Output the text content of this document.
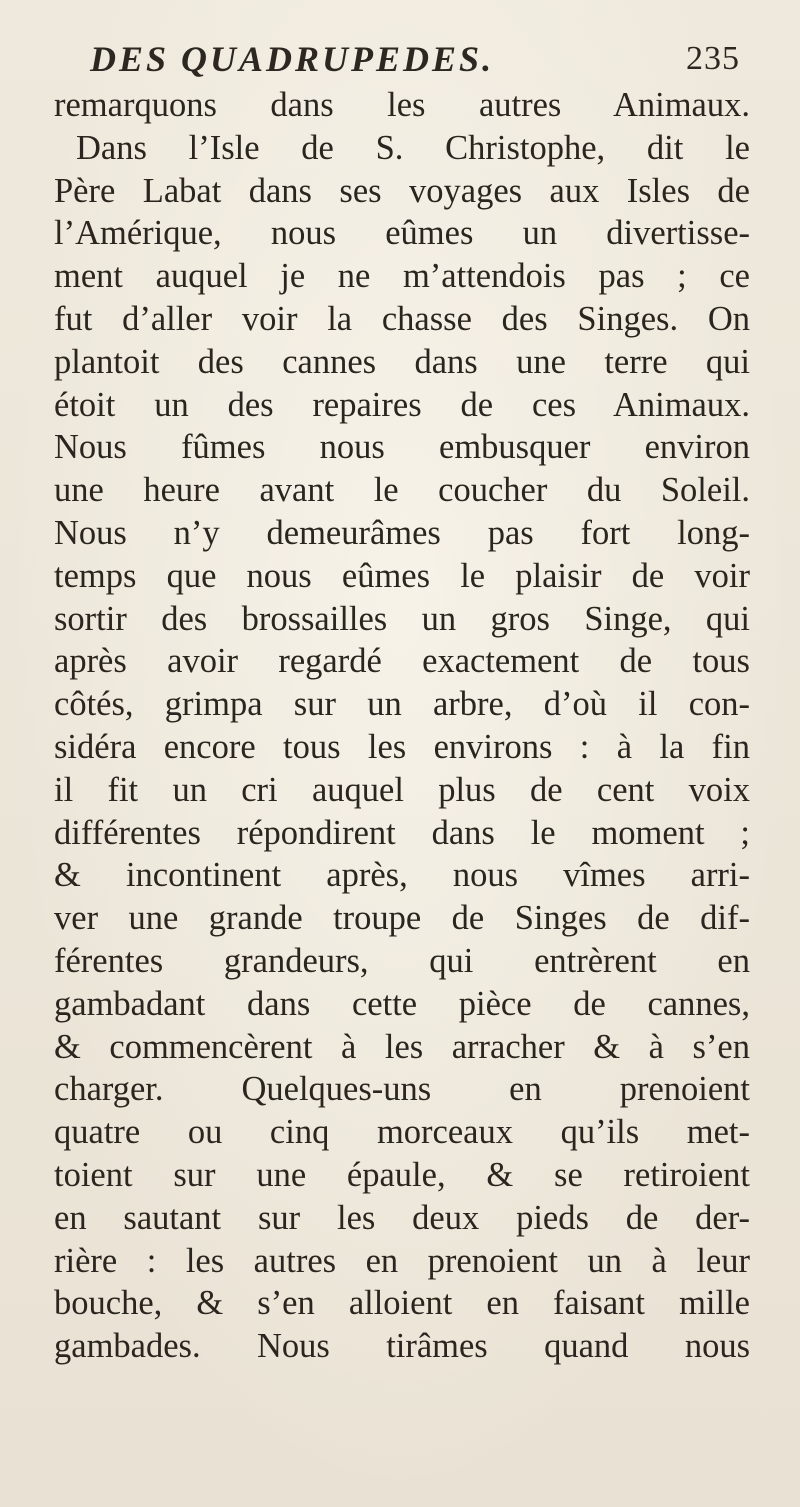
DES QUADRUPEDES.	235
remarquons dans les autres Animaux.
Dans l’Isle de S. Christophe, dit le
Père Labat dans ses voyages aux Isles de
l’Amérique, nous eûmes un divertisse-
ment auquel je ne m’attendois pas ; ce
fut d’aller voir la chasse des Singes. On
plantoit des cannes dans une terre qui
étoit un des repaires de ces Animaux.
Nous fûmes nous embusquer environ
une heure avant le coucher du Soleil.
Nous n’y demeurâmes pas fort long-
temps que nous eûmes le plaisir de voir
sortir des brossailles un gros Singe, qui
après avoir regardé exactement de tous
côtés, grimpa sur un arbre, d’où il con-
sidéra encore tous les environs : à la fin
il fit un cri auquel plus de cent voix
différentes répondirent dans le moment ;
& incontinent après, nous vîmes arri-
ver une grande troupe de Singes de dif-
férentes grandeurs, qui entrèrent en
gambadant dans cette pièce de cannes,
& commencèrent à les arracher & à s’en
charger. Quelques-uns en prenoient
quatre ou cinq morceaux qu’ils met-
toient sur une épaule, & se retiroient
en sautant sur les deux pieds de der-
rière : les autres en prenoient un à leur
bouche, & s’en alloient en faisant mille
gambades. Nous tirâmes quand nous
